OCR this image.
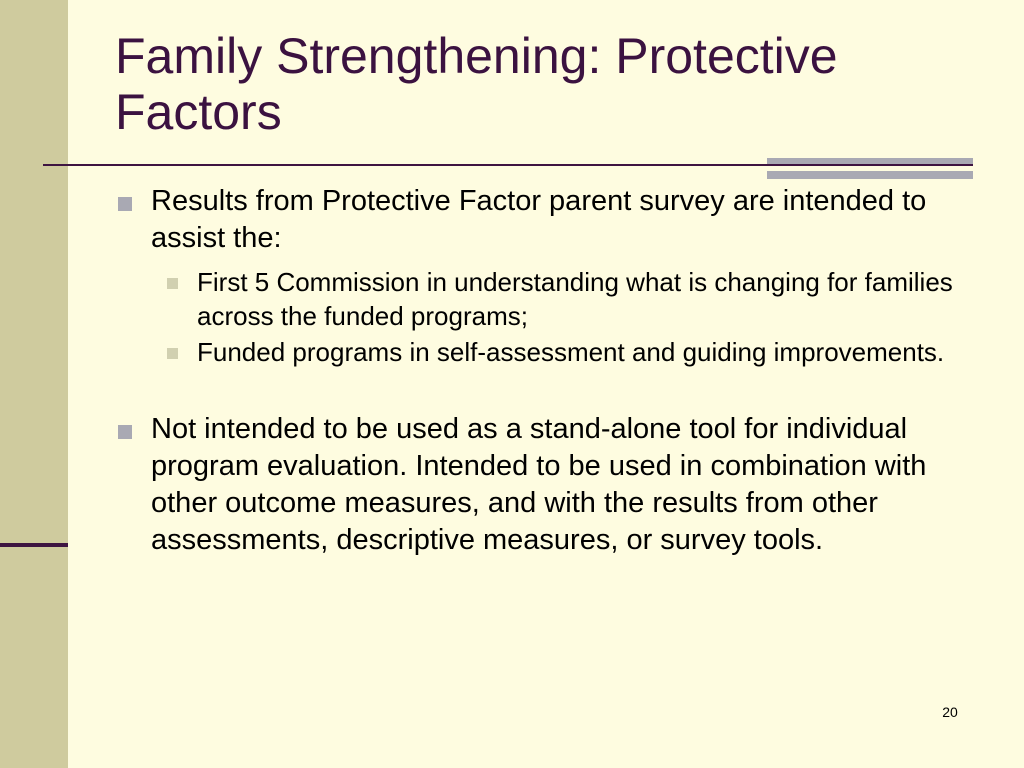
Family Strengthening: Protective Factors
Results from Protective Factor parent survey are intended to assist the:
First 5 Commission in understanding what is changing for families across the funded programs;
Funded programs in self-assessment and guiding improvements.
Not intended to be used as a stand-alone tool for individual program evaluation. Intended to be used in combination with other outcome measures, and with the results from other assessments, descriptive measures, or survey tools.
20
